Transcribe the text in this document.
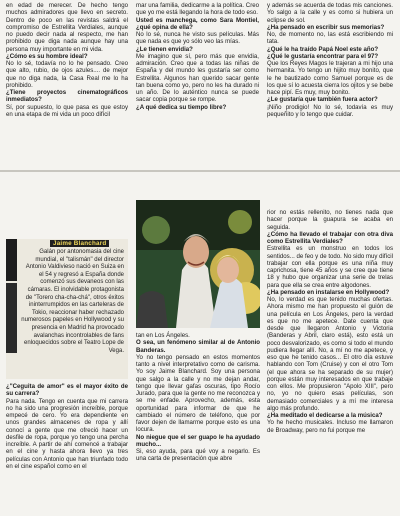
en edad de merecer. De hecho tengo muchos admiradores que llevo en secreto. Dentro de poco en las revistas saldrá el compromiso de Estrellita Verdiales, aunque no puedo decir nada al respecto, me han prohibido que diga nada aunque hay una persona muy importante en mi vida.

¿Cómo es su hombre ideal?

No lo sé, todavía no lo he pensado. Creo que alto, rubio, de ojos azules.... de mejor que no diga nada, la Casa Real me lo ha prohibido.

¿Tiene proyectos cinematográficos inmediatos?

Sí, por supuesto, lo que pasa es que estoy en una etapa de mi vida un poco difícil

mar una familia, dedicarme a la política. Creo que yo me está llegando la hora de todo eso.

Usted es manchega, como Sara Montiel, ¿qué opina de ella?

No lo sé, nunca he visto sus películas. Más que nada es que yo sólo veo las mías.

¿Le tienen envidia?

Me imagino que sí, pero más que envidia, admiración. Creo que a todas las niñas de España y del mundo les gustaría ser como Estrellita. Algunos han querido sacar gente tan buena como yo, pero no les ha durado ni un año. De lo auténtico nunca se puede sacar copia porque se rompe.

¿A qué dedica su tiempo libre?

y además se acuerda de todas mis canciones. Yo salgo a la calle y es como si hubiera un eclipse de sol.

¿Ha pensado en escribir sus memorias?

No, de momento no, las está escribiendo mi tata.

¿Qué le ha traído Papá Noel este año?

¿Qué le gustaría encontrar para el 97?

Que los Reyes Magos le trajeran a mi hijo una hermanita. Yo tengo un hijito muy bonito, que le he bautizado como Samuel porque es de los que sí lo acuesta cierra los ojitos y se bebe hace pipí. Es muy, muy bonito.

¿Le gustaría que también fuera actor?

¡Niño prodigio! No lo sé, todavía es muy pequeñito y lo tengo que cuidar.

Jaime Blanchard
Galán por antonomasia del cine mundial, el "talismán" del director Antonio Valdivieso nació en Suiza en el 54 y regresó a España donde comenzó sus devaneos con las cámaras. El inolvidable protagonista de "Torero cha-cha-chá", otros éxitos ininterrumpidos en las carteleras de Tokio, reaccionar haber rechazado numerosos papeles en Hollywood y su presencia en Madrid ha provocado avalanchas incontrolables de fans enloquecidos sobre el Teatro Lope de Vega.

tan en Los Ángeles.

O sea, un fenómeno similar al de Antonio Banderas.

Yo no tengo pensado en estos momentos tanto a nivel interpretativo como de carisma. Yo soy Jaime Blanchard. Soy una persona que salgo a la calle y no me dejan andar, tengo que llevar gafas oscuras, tipo Rocío Jurado, para que la gente no me reconozca y se me enfade. Aprovecho, además, esta oportunidad para informar de que he cambiado el número de teléfono, que por favor dejen de llamarme porque esto es una locura.

No niegue que el ser guapo le ha ayudado mucho...

Si, eso ayuda, para qué voy a negarlo. Es una carta de presentación que abre

rior no estás rellenito, no tienes nada que hacer porque la guapura se acaba en seguida.

¿Cómo ha llevado el trabajar con otra diva como Estrellita Verdiales?

Estrellita es un monstruo en todos los sentidos... de feo y de todo. No sido muy difícil trabajar con ella porque es una niña muy caprichosa, tiene 45 años y se cree que tiene 18 y hubo que organizar una serie de trelas para que ella se crea entre algodones.

¿Ha pensado en instalarse en Hollywood?

No, lo verdad es que tenido muchas ofertas. Ahora mismo me han propuesto el guión de una película en Los Ángeles, pero la verdad es que no me apetece. Date cuenta que desde que llegaron Antonio y Victoria (Banderas y Abril, claro está), esto está un poco desvalorizado, es como si todo el mundo pudiera llegar allí. No, a mí no me apetece, y eso que he tenido casos... El otro día estuve hablando con Tom (Cruise) y con el otro Tom (el que ahora se ha separado de su mujer) porque están muy interesados en que trabaje con ellos. Me propusieron "Apolo XIII", pero no, yo no quiero esas películas, son demasiado comerciales y a mí me interesa algo más profundo.

¿Ha meditado el dedicarse a la música?

Yo he hecho musicales. Incluso me llamaron de Broadway, pero no fui porque me

¿"Ceguita de amor" es el mayor éxito de su carrera?

Para nada. Tengo en cuenta que mi carrera no ha sido una progresión increíble, porque empecé de cero. Yo era dependiente en unos grandes almacenes de ropa y allí conocí a gente que me ofreció hacer un desfile de ropa, porque yo tengo una percha increíble. A partir de ahí comencé a trabajar en el cine y hasta ahora llevo ya tres películas con Antonio que han triunfado todo en el cine español como en el
